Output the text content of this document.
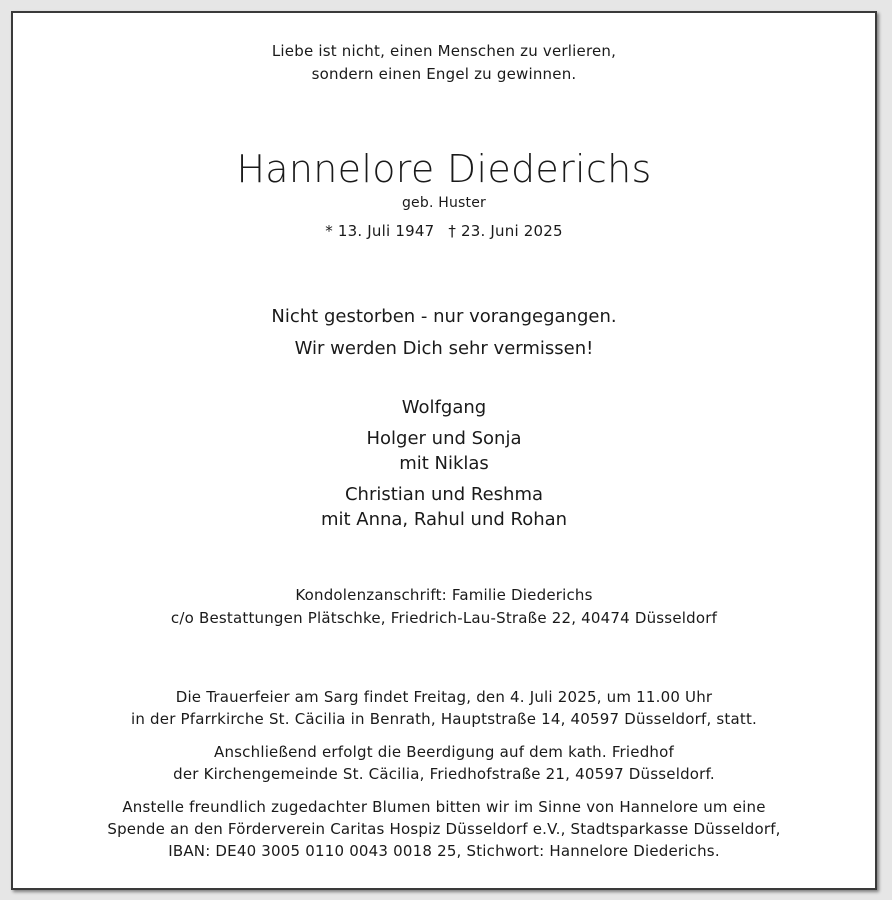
Liebe ist nicht, einen Menschen zu verlieren,
sondern einen Engel zu gewinnen.
Hannelore Diederichs
geb. Huster
* 13. Juli 1947 † 23. Juni 2025
Nicht gestorben - nur vorangegangen.
Wir werden Dich sehr vermissen!
Wolfgang
Holger und Sonja
mit Niklas
Christian und Reshma
mit Anna, Rahul und Rohan
Kondolenzanschrift: Familie Diederichs
c/o Bestattungen Plätschke, Friedrich-Lau-Straße 22, 40474 Düsseldorf
Die Trauerfeier am Sarg findet Freitag, den 4. Juli 2025, um 11.00 Uhr
in der Pfarrkirche St. Cäcilia in Benrath, Hauptstraße 14, 40597 Düsseldorf, statt.
Anschließend erfolgt die Beerdigung auf dem kath. Friedhof
der Kirchengemeinde St. Cäcilia, Friedhofstraße 21, 40597 Düsseldorf.
Anstelle freundlich zugedachter Blumen bitten wir im Sinne von Hannelore um eine
Spende an den Förderverein Caritas Hospiz Düsseldorf e.V., Stadtsparkasse Düsseldorf,
IBAN: DE40 3005 0110 0043 0018 25, Stichwort: Hannelore Diederichs.
